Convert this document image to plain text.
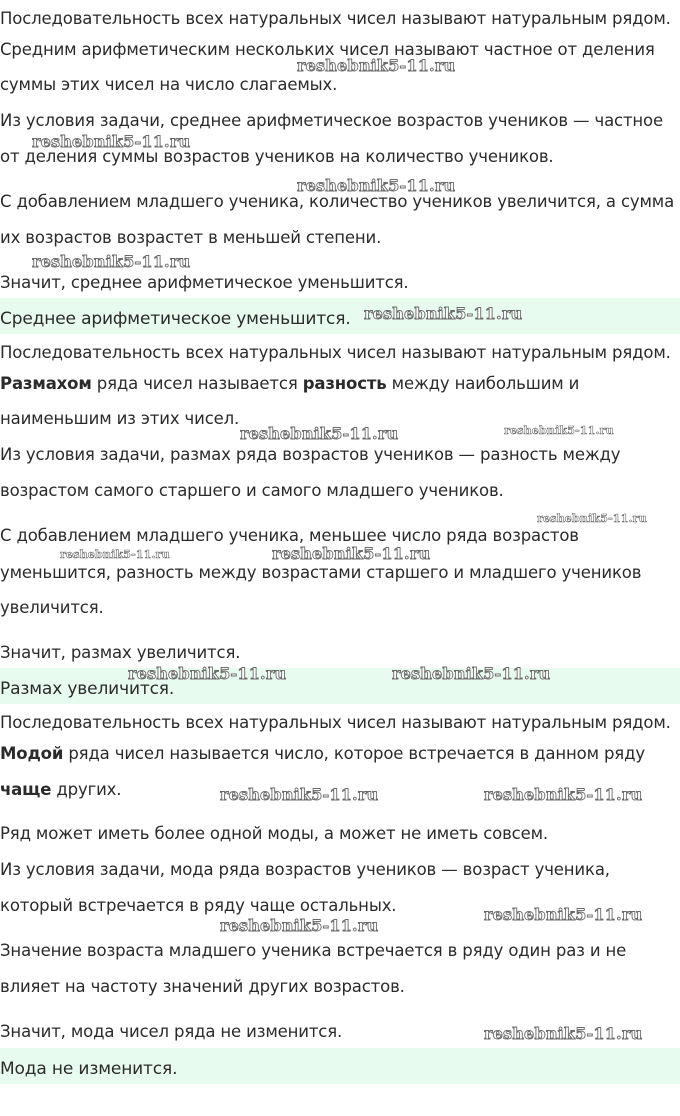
Последовательность всех натуральных чисел называют натуральным рядом.

Средним арифметическим нескольких чисел называют частное от деления

суммы этих чисел на число слагаемых.

Из условия задачи, среднее арифметическое возрастов учеников — частное

от деления суммы возрастов учеников на количество учеников.

С добавлением младшего ученика, количество учеников увеличится, а сумма

их возрастов возрастет в меньшей степени.

Значит, среднее арифметическое уменьшится.

Среднее арифметическое уменьшится.

Последовательность всех натуральных чисел называют натуральным рядом.

Размахом ряда чисел называется разность между наибольшим и

наименьшим из этих чисел.

Из условия задачи, размах ряда возрастов учеников — разность между

возрастом самого старшего и самого младшего учеников.

С добавлением младшего ученика, меньшее число ряда возрастов

уменьшится, разность между возрастами старшего и младшего учеников

увеличится.

Значит, размах увеличится.

Размах увеличится.

Последовательность всех натуральных чисел называют натуральным рядом.

Модой ряда чисел называется число, которое встречается в данном ряду

чаще других.

Ряд может иметь более одной моды, а может не иметь совсем.

Из условия задачи, мода ряда возрастов учеников — возраст ученика,

который встречается в ряду чаще остальных.

Значение возраста младшего ученика встречается в ряду один раз и не

влияет на частоту значений других возрастов.

Значит, мода чисел ряда не изменится.

Мода не изменится.

reshebnik5-11.ru
reshebnik5-11.ru
reshebnik5-11.ru
reshebnik5-11.ru
reshebnik5-11.ru
reshebnik5-11.ru	reshebnik5-11.ru
reshebnik5-11.ru
reshebnik5-11.ru	reshebnik5-11.ru
reshebnik5-11.ru	reshebnik5-11.ru
reshebnik5-11.ru	reshebnik5-11.ru
reshebnik5-11.ru
reshebnik5-11.ru
reshebnik5-11.ru
